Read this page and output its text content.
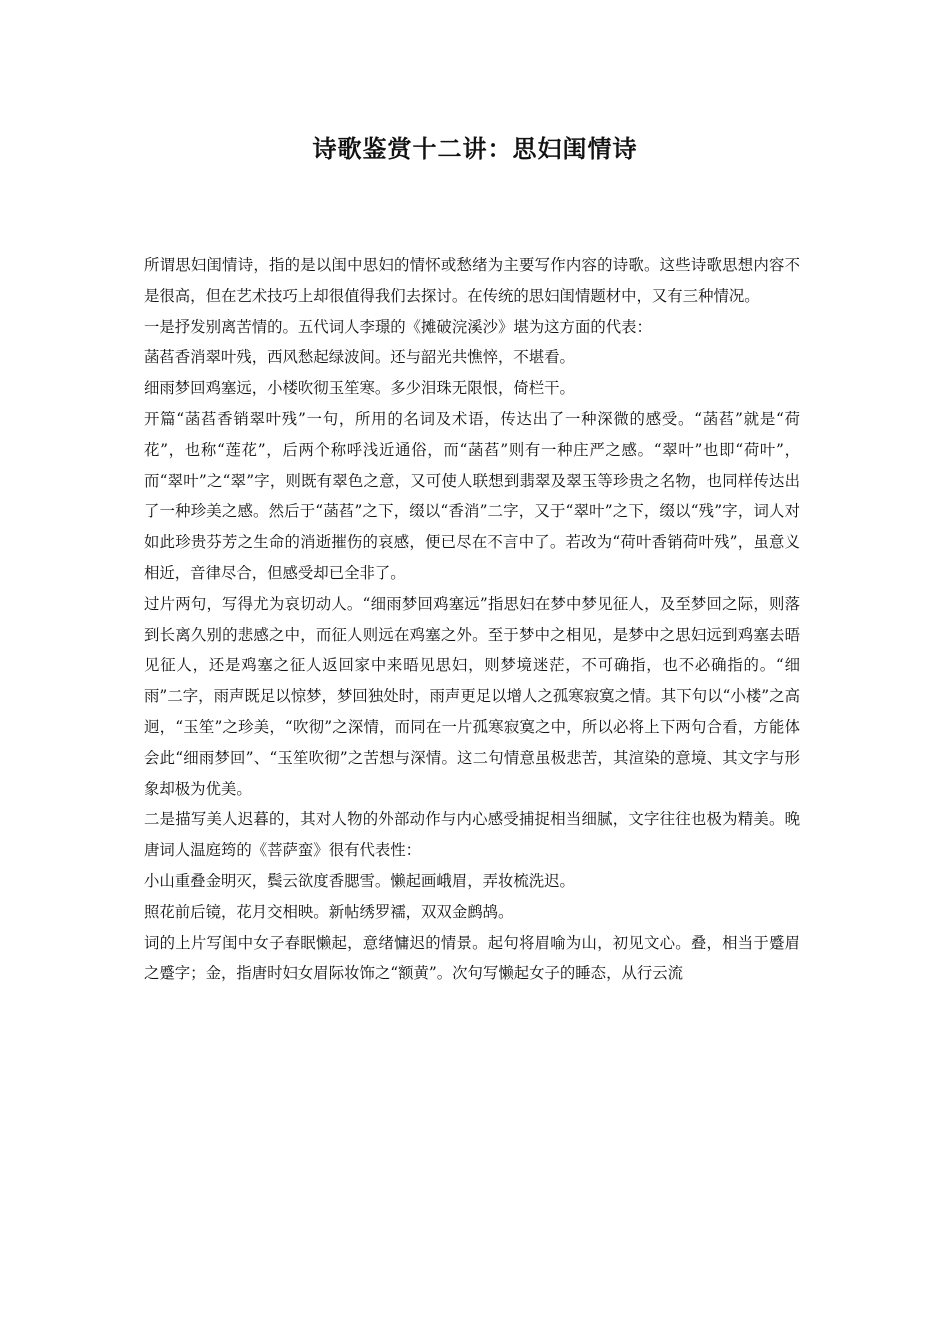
诗歌鉴赏十二讲：思妇闺情诗

所谓思妇闺情诗，指的是以闺中思妇的情怀或愁绪为主要写作内容的诗歌。这些诗歌思想内容不是很高，但在艺术技巧上却很值得我们去探讨。在传统的思妇闺情题材中，又有三种情况。

一是抒发别离苦情的。五代词人李璟的《摊破浣溪沙》堪为这方面的代表：

菡萏香消翠叶残，西风愁起绿波间。还与韶光共憔悴，不堪看。

细雨梦回鸡塞远，小楼吹彻玉笙寒。多少泪珠无限恨，倚栏干。

开篇“菡萏香销翠叶残”一句，所用的名词及术语，传达出了一种深微的感受。“菡萏”就是“荷花”，也称“莲花”，后两个称呼浅近通俗，而“菡萏”则有一种庄严之感。“翠叶”也即“荷叶”，而“翠叶”之“翠”字，则既有翠色之意，又可使人联想到翡翠及翠玉等珍贵之名物，也同样传达出了一种珍美之感。然后于“菡萏”之下，缀以“香消”二字，又于“翠叶”之下，缀以“残”字，词人对如此珍贵芬芳之生命的消逝摧伤的哀感，便已尽在不言中了。若改为“荷叶香销荷叶残”，虽意义相近，音律尽合，但感受却已全非了。

过片两句，写得尤为哀切动人。“细雨梦回鸡塞远”指思妇在梦中梦见征人，及至梦回之际，则落到长离久别的悲感之中，而征人则远在鸡塞之外。至于梦中之相见，是梦中之思妇远到鸡塞去晤见征人，还是鸡塞之征人返回家中来晤见思妇，则梦境迷茫，不可确指，也不必确指的。“细雨”二字，雨声既足以惊梦，梦回独处时，雨声更足以增人之孤寒寂寞之情。其下句以“小楼”之高迥，“玉笙”之珍美，“吹彻”之深情，而同在一片孤寒寂寞之中，所以必将上下两句合看，方能体会此“细雨梦回”、“玉笙吹彻”之苦想与深情。这二句情意虽极悲苦，其渲染的意境、其文字与形象却极为优美。

二是描写美人迟暮的，其对人物的外部动作与内心感受捕捉相当细腻，文字往往也极为精美。晚唐词人温庭筠的《菩萨蛮》很有代表性：

小山重叠金明灭，鬓云欲度香腮雪。懒起画峨眉，弄妆梳洗迟。

照花前后镜，花月交相映。新帖绣罗襦，双双金鹧鸪。

词的上片写闺中女子春眠懒起，意绪慵迟的情景。起句将眉喻为山，初见文心。叠，相当于蹙眉之蹙字；金，指唐时妇女眉际妆饰之“额黄”。次句写懒起女子的睡态，从行云流
